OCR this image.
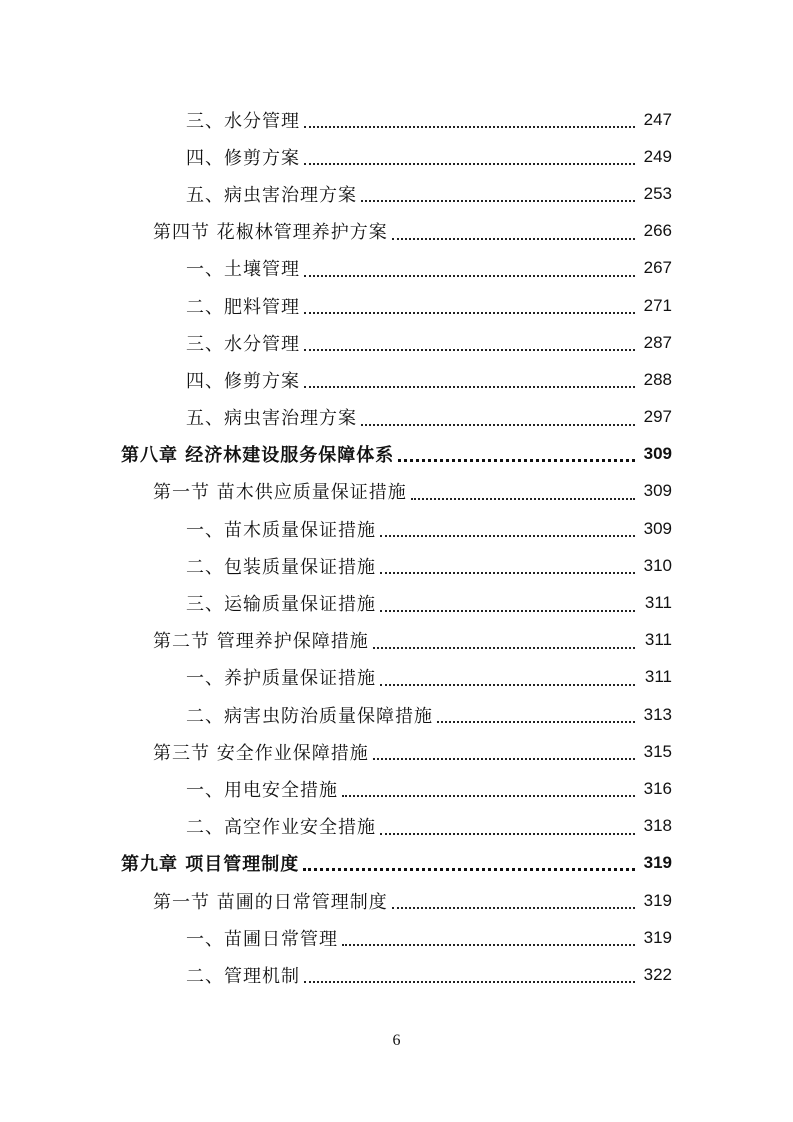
三、水分管理	247
四、修剪方案	249
五、病虫害治理方案	253
第四节 花椒林管理养护方案	266
一、土壤管理	267
二、肥料管理	271
三、水分管理	287
四、修剪方案	288
五、病虫害治理方案	297
第八章 经济林建设服务保障体系	309
第一节 苗木供应质量保证措施	309
一、苗木质量保证措施	309
二、包装质量保证措施	310
三、运输质量保证措施	311
第二节 管理养护保障措施	311
一、养护质量保证措施	311
二、病害虫防治质量保障措施	313
第三节 安全作业保障措施	315
一、用电安全措施	316
二、高空作业安全措施	318
第九章 项目管理制度	319
第一节 苗圃的日常管理制度	319
一、苗圃日常管理	319
二、管理机制	322
6
